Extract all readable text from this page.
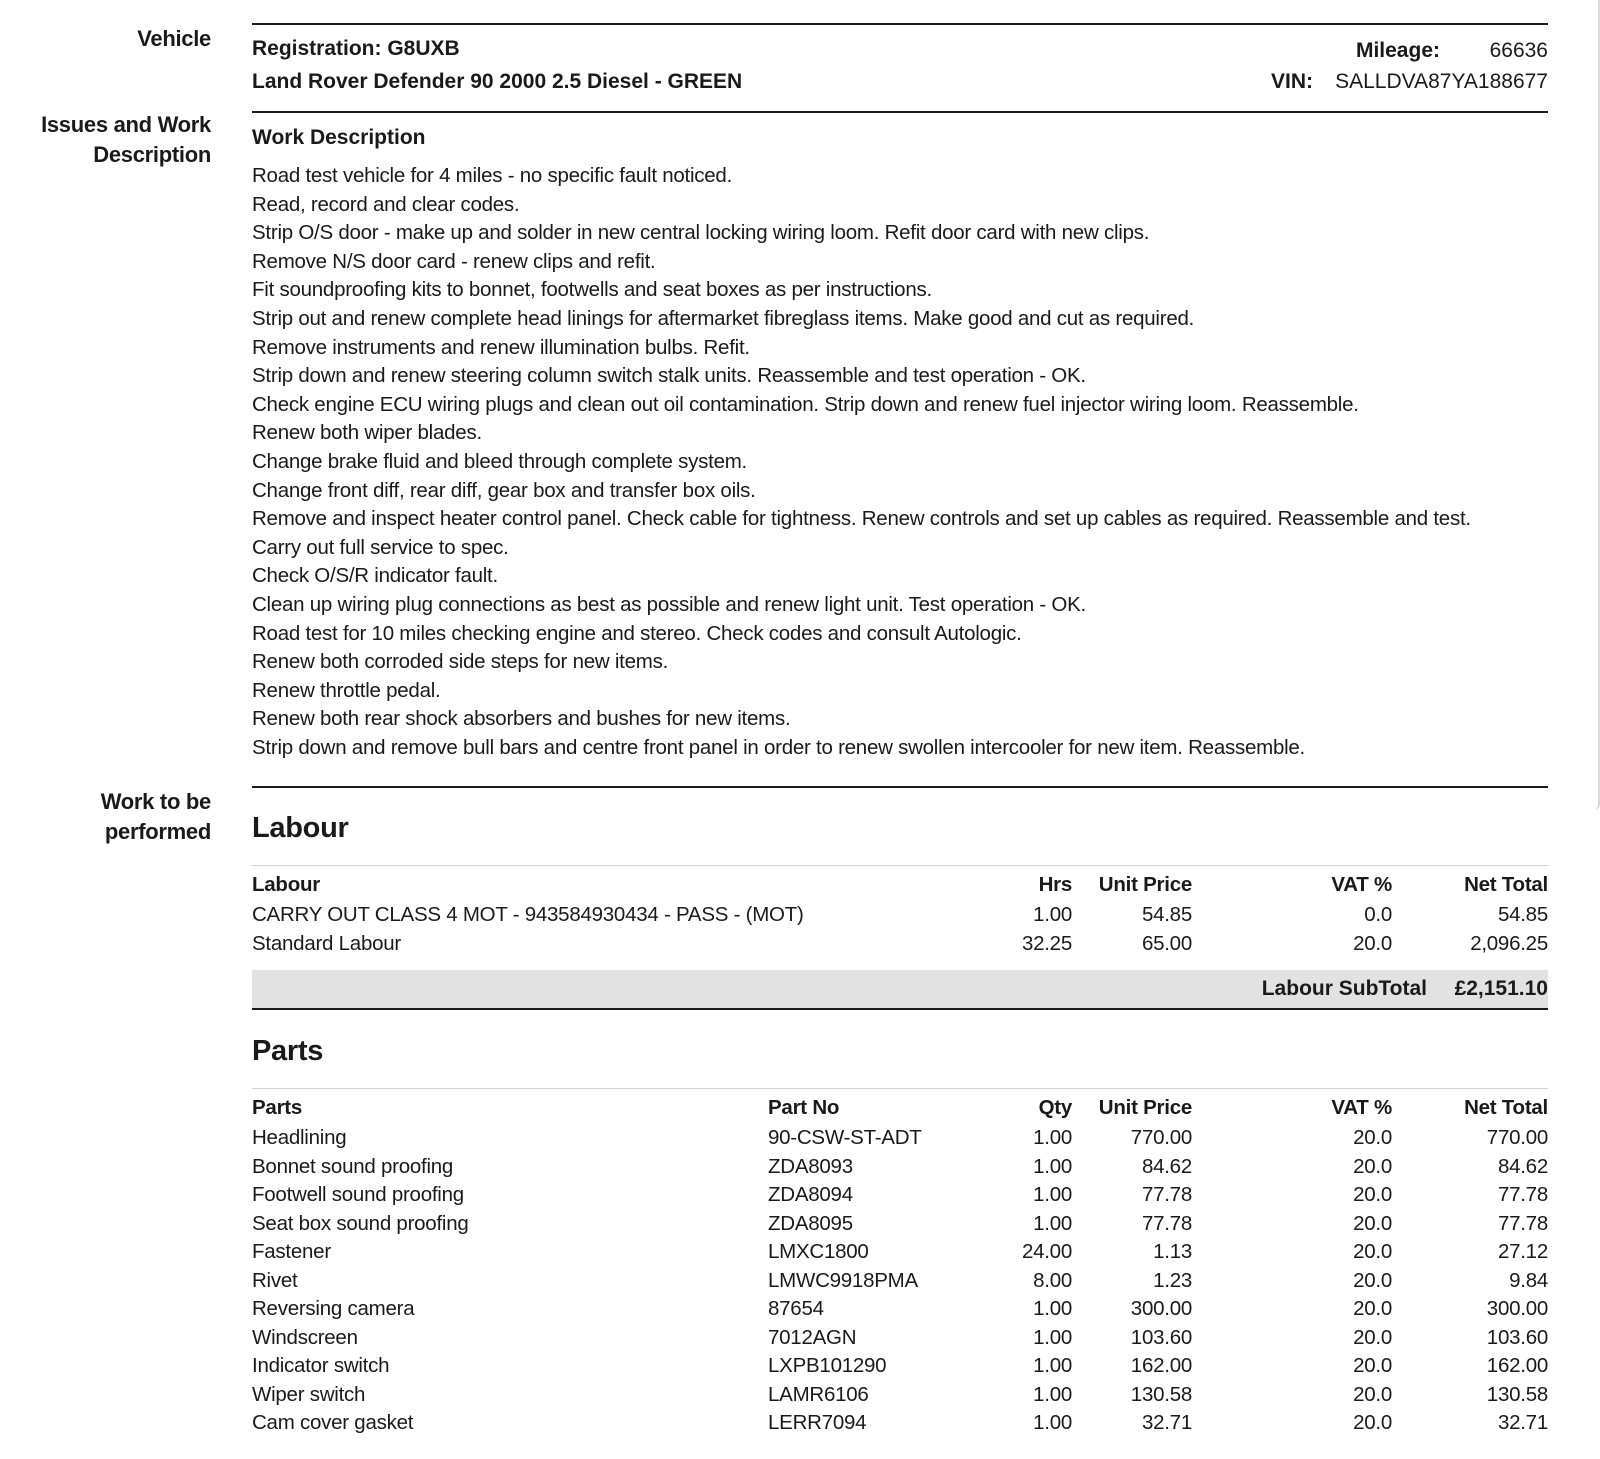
Vehicle Registration: G8UXB
Land Rover Defender 90 2000 2.5 Diesel - GREEN
Mileage: 66636
VIN: SALLDVA87YA188677
Issues and Work Description
Work Description
Road test vehicle for 4 miles - no specific fault noticed.
Read, record and clear codes.
Strip O/S door - make up and solder in new central locking wiring loom. Refit door card with new clips.
Remove N/S door card - renew clips and refit.
Fit soundproofing kits to bonnet, footwells and seat boxes as per instructions.
Strip out and renew complete head linings for aftermarket fibreglass items. Make good and cut as required.
Remove instruments and renew illumination bulbs. Refit.
Strip down and renew steering column switch stalk units. Reassemble and test operation - OK.
Check engine ECU wiring plugs and clean out oil contamination. Strip down and renew fuel injector wiring loom. Reassemble.
Renew both wiper blades.
Change brake fluid and bleed through complete system.
Change front diff, rear diff, gear box and transfer box oils.
Remove and inspect heater control panel. Check cable for tightness. Renew controls and set up cables as required. Reassemble and test.
Carry out full service to spec.
Check O/S/R indicator fault.
Clean up wiring plug connections as best as possible and renew light unit. Test operation - OK.
Road test for 10 miles checking engine and stereo. Check codes and consult Autologic.
Renew both corroded side steps for new items.
Renew throttle pedal.
Renew both rear shock absorbers and bushes for new items.
Strip down and remove bull bars and centre front panel in order to renew swollen intercooler for new item. Reassemble.
Work to be performed Labour
Labour	Hrs	Unit Price	VAT %	Net Total
CARRY OUT CLASS 4 MOT - 943584930434 - PASS - (MOT)	1.00	54.85	0.0	54.85
Standard Labour	32.25	65.00	20.0	2,096.25
Labour SubTotal £2,151.10
Parts
Parts	Part No	Qty	Unit Price	VAT %	Net Total
Headlining	90-CSW-ST-ADT	1.00	770.00	20.0	770.00
Bonnet sound proofing	ZDA8093	1.00	84.62	20.0	84.62
Footwell sound proofing	ZDA8094	1.00	77.78	20.0	77.78
Seat box sound proofing	ZDA8095	1.00	77.78	20.0	77.78
Fastener	LMXC1800	24.00	1.13	20.0	27.12
Rivet	LMWC9918PMA	8.00	1.23	20.0	9.84
Reversing camera	87654	1.00	300.00	20.0	300.00
Windscreen	7012AGN	1.00	103.60	20.0	103.60
Indicator switch	LXPB101290	1.00	162.00	20.0	162.00
Wiper switch	LAMR6106	1.00	130.58	20.0	130.58
Cam cover gasket	LERR7094	1.00	32.71	20.0	32.71
